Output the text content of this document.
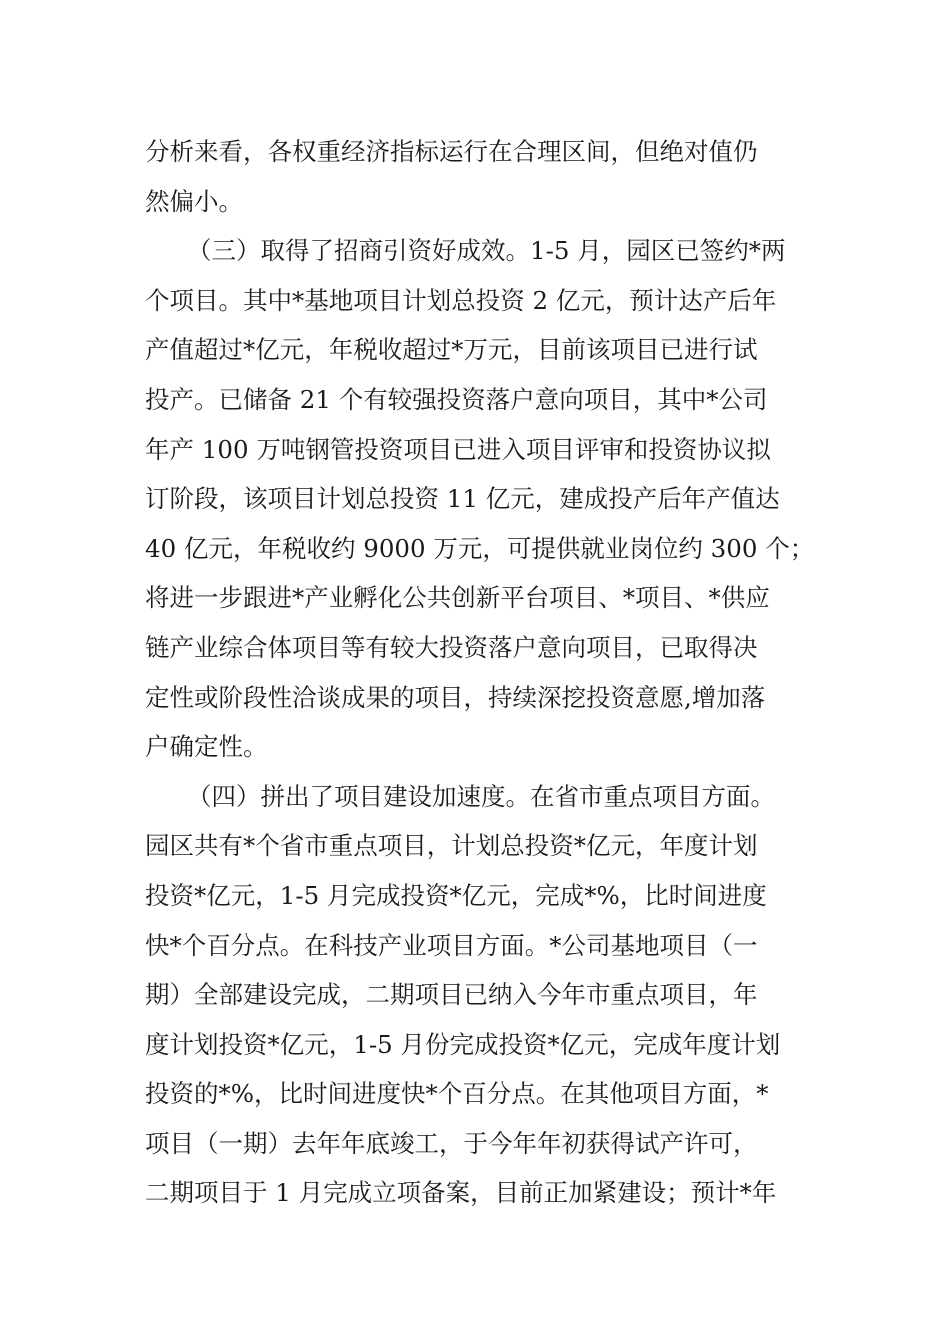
分析来看，各权重经济指标运行在合理区间，但绝对值仍
然偏小。
（三）取得了招商引资好成效。1-5 月，园区已签约*两
个项目。其中*基地项目计划总投资 2 亿元，预计达产后年
产值超过*亿元，年税收超过*万元，目前该项目已进行试
投产。已储备 21 个有较强投资落户意向项目，其中*公司
年产 100 万吨钢管投资项目已进入项目评审和投资协议拟
订阶段，该项目计划总投资 11 亿元，建成投产后年产值达
40 亿元，年税收约 9000 万元，可提供就业岗位约 300 个；
将进一步跟进*产业孵化公共创新平台项目、*项目、*供应
链产业综合体项目等有较大投资落户意向项目，已取得决
定性或阶段性洽谈成果的项目，持续深挖投资意愿,增加落
户确定性。
（四）拼出了项目建设加速度。在省市重点项目方面。
园区共有*个省市重点项目，计划总投资*亿元，年度计划
投资*亿元，1-5 月完成投资*亿元，完成*%，比时间进度
快*个百分点。在科技产业项目方面。*公司基地项目（一
期）全部建设完成，二期项目已纳入今年市重点项目，年
度计划投资*亿元，1-5 月份完成投资*亿元，完成年度计划
投资的*%，比时间进度快*个百分点。在其他项目方面，*
项目（一期）去年年底竣工，于今年年初获得试产许可，
二期项目于 1 月完成立项备案，目前正加紧建设；预计*年
